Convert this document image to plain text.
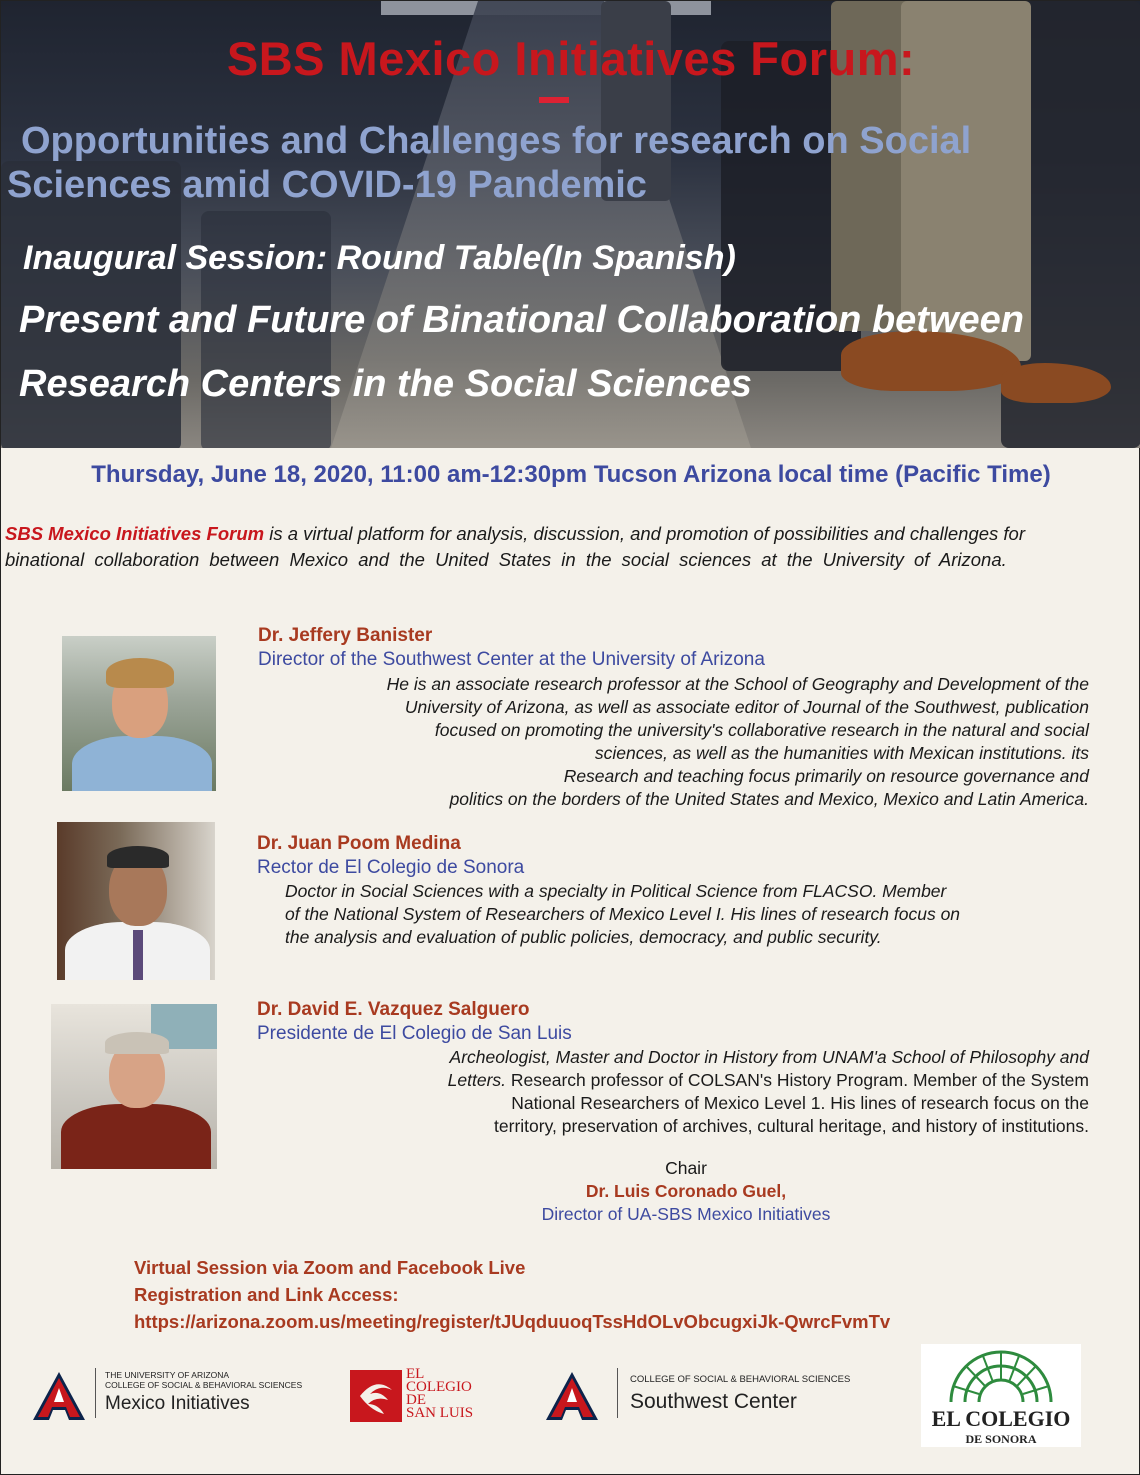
SBS Mexico Initiatives Forum:
Opportunities and Challenges for research on Social
Sciences amid COVID-19 Pandemic
Inaugural Session: Round Table(In Spanish)
Present and Future of Binational Collaboration between
Research Centers in the Social Sciences
Thursday, June 18, 2020, 11:00 am-12:30pm Tucson Arizona local time (Pacific Time)
SBS Mexico Initiatives Forum is a virtual platform for analysis, discussion, and promotion of possibilities and challenges for
binational collaboration between Mexico and the United States in the social sciences at the University of Arizona.
Dr. Jeffery Banister
Director of the Southwest Center at the University of Arizona
He is an associate research professor at the School of Geography and Development of the
University of Arizona, as well as associate editor of Journal of the Southwest, publication
focused on promoting the university's collaborative research in the natural and social
sciences, as well as the humanities with Mexican institutions. its
Research and teaching focus primarily on resource governance and
politics on the borders of the United States and Mexico, Mexico and Latin America.
Dr. Juan Poom Medina
Rector de El Colegio de Sonora
Doctor in Social Sciences with a specialty in Political Science from FLACSO. Member
of the National System of Researchers of Mexico Level I. His lines of research focus on
the analysis and evaluation of public policies, democracy, and public security.
Dr. David E. Vazquez Salguero
Presidente de El Colegio de San Luis
Archeologist, Master and Doctor in History from UNAM'a School of Philosophy and
Letters. Research professor of COLSAN's History Program. Member of the System
National Researchers of Mexico Level 1. His lines of research focus on the
territory, preservation of archives, cultural heritage, and history of institutions.
Chair
Dr. Luis Coronado Guel,
Director of UA-SBS Mexico Initiatives
Virtual Session via Zoom and Facebook Live
Registration and Link Access:
https://arizona.zoom.us/meeting/register/tJUqduuoqTssHdOLvObcugxiJk-QwrcFvmTv
THE UNIVERSITY OF ARIZONA
COLLEGE OF SOCIAL & BEHAVIORAL SCIENCES
Mexico Initiatives
EL
COLEGIO
DE
SAN LUIS
COLLEGE OF SOCIAL & BEHAVIORAL SCIENCES
Southwest Center
EL COLEGIO
DE SONORA
